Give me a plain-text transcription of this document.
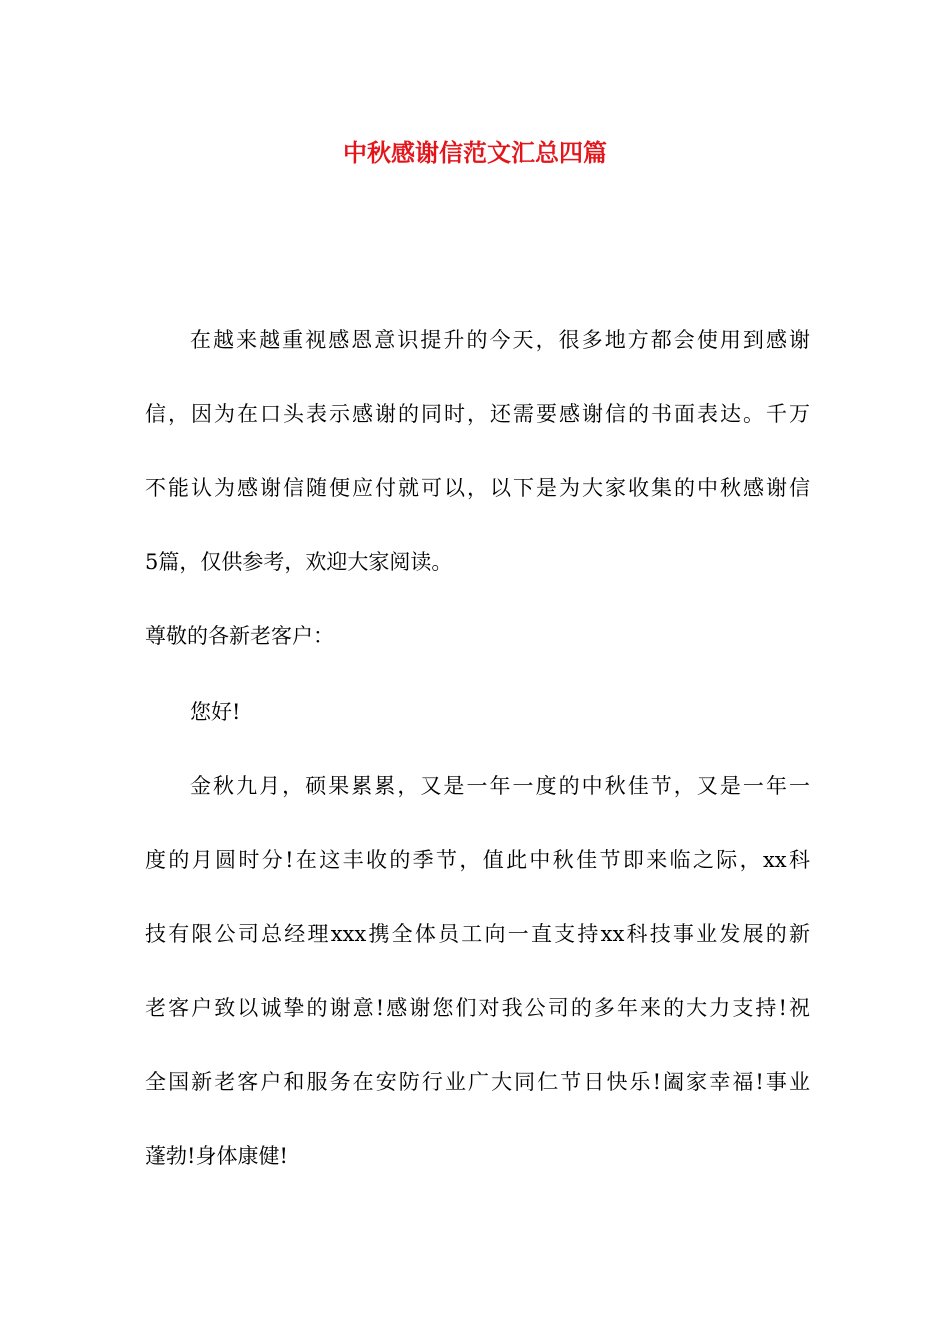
中秋感谢信范文汇总四篇
在越来越重视感恩意识提升的今天，很多地方都会使用到感谢
信，因为在口头表示感谢的同时，还需要感谢信的书面表达。千万
不能认为感谢信随便应付就可以，以下是为大家收集的中秋感谢信
5篇，仅供参考，欢迎大家阅读。
尊敬的各新老客户：
您好!
金秋九月，硕果累累，又是一年一度的中秋佳节，又是一年一
度的月圆时分!在这丰收的季节，值此中秋佳节即来临之际，xx科
技有限公司总经理xxx携全体员工向一直支持xx科技事业发展的新
老客户致以诚挚的谢意!感谢您们对我公司的多年来的大力支持!祝
全国新老客户和服务在安防行业广大同仁节日快乐!阖家幸福!事业
蓬勃!身体康健!
